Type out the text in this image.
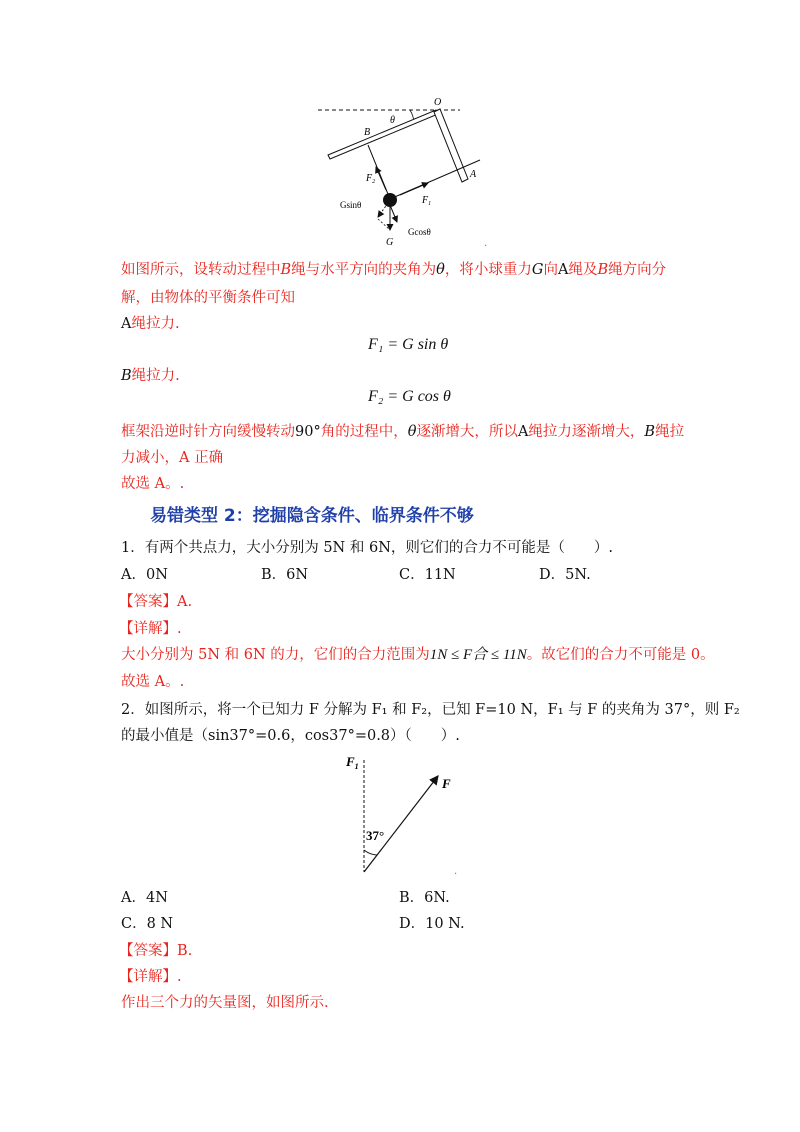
O
θ
B
A
$F_2$
$F_1$
Gsinθ
Gcosθ
G	.
如图所示，设转动过程中B绳与水平方向的夹角为θ，将小球重力G向A绳及B绳方向分
解，由物体的平衡条件可知
A绳拉力.
F₁ = G sin θ
B绳拉力.
F₂ = G cos θ
框架沿逆时针方向缓慢转动90°角的过程中，θ逐渐增大，所以A绳拉力逐渐增大，B绳拉
力减小，A 正确
故选 A。.
易错类型 2：挖掘隐含条件、临界条件不够
1．有两个共点力，大小分别为 5N 和 6N，则它们的合力不可能是（　　）.
A．0N	B．6N	C．11N	D．5N.
【答案】A.
【详解】.
大小分别为 5N 和 6N 的力，它们的合力范围为1N ≤ F合 ≤ 11N。故它们的合力不可能是 0。
故选 A。.
2．如图所示，将一个已知力 F 分解为 F₁ 和 F₂，已知 F=10 N，F₁ 与 F 的夹角为 37°，则 F₂
的最小值是（sin37°=0.6，cos37°=0.8）（　　）.
$F_1$
F
37°
.
A．4N	B．6N.
C．8 N	D．10 N.
【答案】B.
【详解】.
作出三个力的矢量图，如图所示.
